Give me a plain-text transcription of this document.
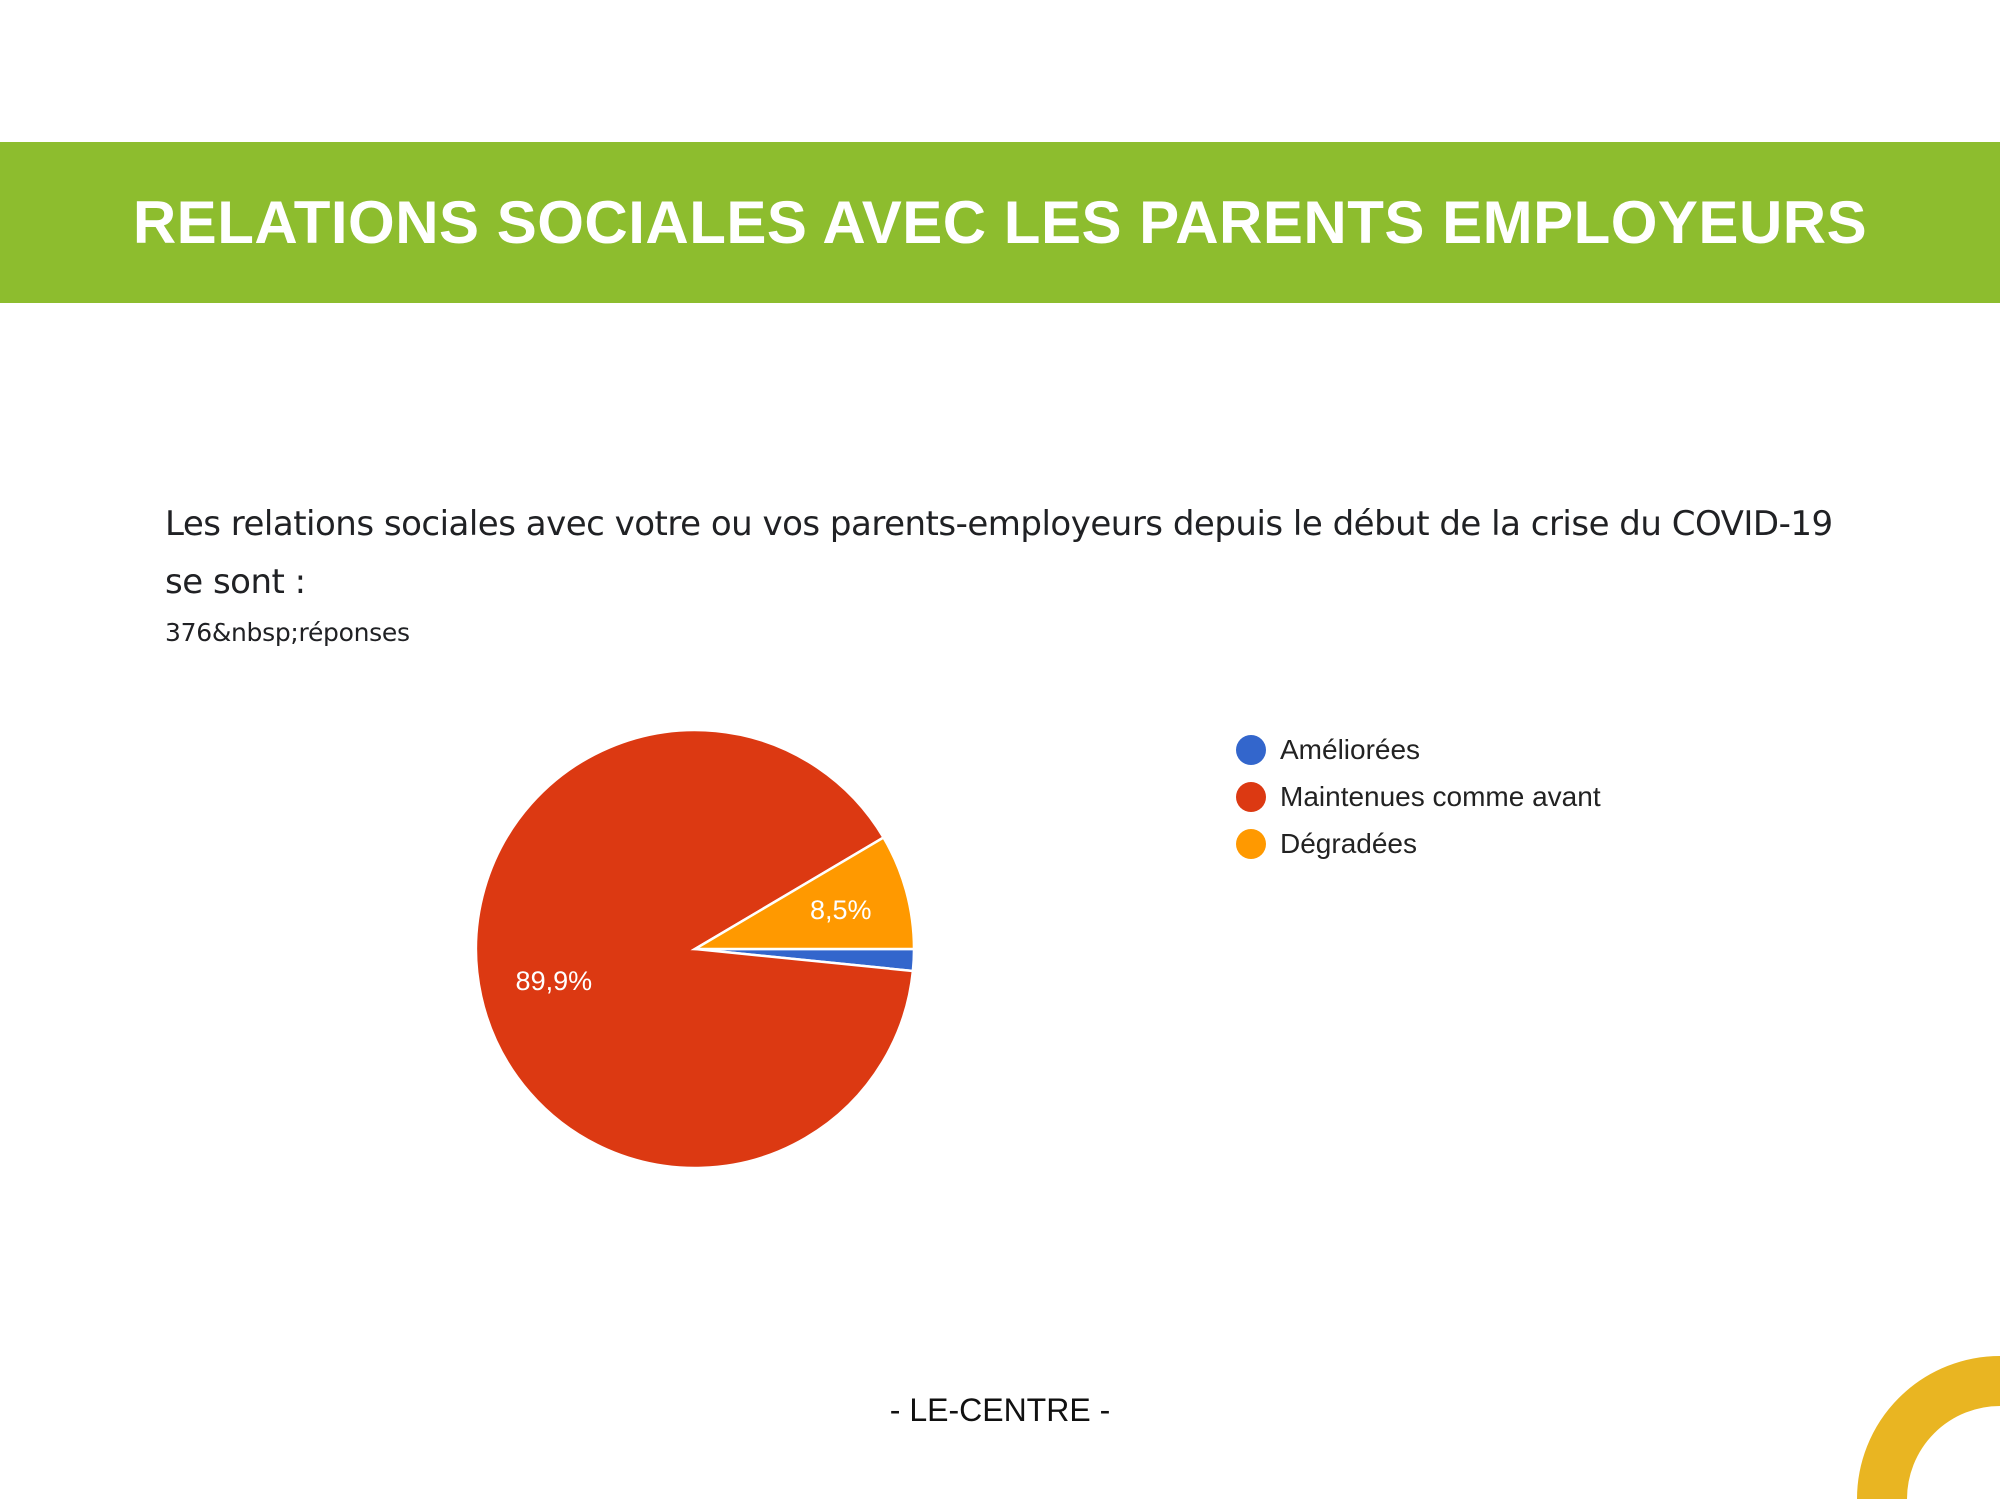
RELATIONS SOCIALES AVEC LES PARENTS EMPLOYEURS
Les relations sociales avec votre ou vos parents-employeurs depuis le début de la crise du COVID-19 se sont :
376&nbsp;réponses
89,9%
8,5%
Améliorées
Maintenues comme avant
Dégradées
- LE-CENTRE -
